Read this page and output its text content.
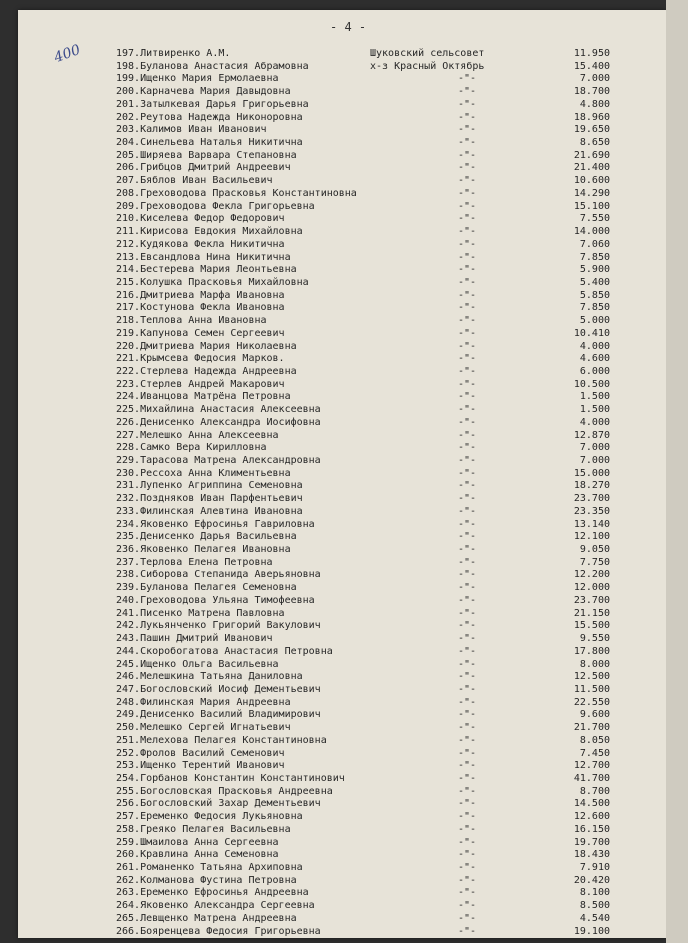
- 4 -
400	197.Литвиренко А.М.	Шуковский сельсовет	11.950
198.Буланова Анастасия Абрамовна	х-з Красный Октябрь	15.400
199.Ищенко Мария Ермолаевна	-"-	7.000
200.Карначева Мария Давыдовна	-"-	18.700
201.Затылкевая Дарья Григорьевна	-"-	4.800
202.Реутова Надежда Никоноровна	-"-	18.960
203.Калимов Иван Иванович	-"-	19.650
204.Синельева Наталья Никитична	-"-	8.650
205.Ширяева Варвара Степановна	-"-	21.690
206.Грибцов Дмитрий Андреевич	-"-	21.400
207.Бяблов Иван Васильевич	-"-	10.600
208.Греховодова Прасковья Константиновна	-"-	14.290
209.Греховодова Фекла Григорьевна	-"-	15.100
210.Киселева Федор Федорович	-"-	7.550
211.Кирисова Евдокия Михайловна	-"-	14.000
212.Кудякова Фекла Никитична	-"-	7.060
213.Евсандлова Нина Никитична	-"-	7.850
214.Бестерева Мария Леонтьевна	-"-	5.900
215.Колушка Прасковья Михайловна	-"-	5.400
216.Дмитриева Марфа Ивановна	-"-	5.850
217.Костунова Фекла Ивановна	-"-	7.850
218.Теплова Анна Ивановна	-"-	5.000
219.Капунова Семен Сергеевич	-"-	10.410
220.Дмитриева Мария Николаевна	-"-	4.000
221.Крымсева Федосия Марков.	-"-	4.600
222.Стерлева Надежда Андреевна	-"-	6.000
223.Стерлев Андрей Макарович	-"-	10.500
224.Иванцова Матрёна Петровна	-"-	1.500
225.Михайлина Анастасия Алексеевна	-"-	1.500
226.Денисенко Александра Иосифовна	-"-	4.000
227.Мелешко Анна Алексеевна	-"-	12.870
228.Самко Вера Кирилловна	-"-	7.000
229.Тарасова Матрена Александровна	-"-	7.000
230.Рессоха Анна Климентьевна	-"-	15.000
231.Лупенко Агриппина Семеновна	-"-	18.270
232.Поздняков Иван Парфентьевич	-"-	23.700
233.Филинская Алевтина Ивановна	-"-	23.350
234.Яковенко Ефросинья Гавриловна	-"-	13.140
235.Денисенко Дарья Васильевна	-"-	12.100
236.Яковенко Пелагея Ивановна	-"-	9.050
237.Терлова Елена Петровна	-"-	7.750
238.Сиборова Степанида Аверьяновна	-"-	12.200
239.Буланова Пелагея Семеновна	-"-	12.000
240.Греховодова Ульяна Тимофеевна	-"-	23.700
241.Писенко Матрена Павловна	-"-	21.150
242.Лукьянченко Григорий Вакулович	-"-	15.500
243.Пашин Дмитрий Иванович	-"-	9.550
244.Скоробогатова Анастасия Петровна	-"-	17.800
245.Ищенко Ольга Васильевна	-"-	8.000
246.Мелешкина Татьяна Даниловна	-"-	12.500
247.Богословский Иосиф Дементьевич	-"-	11.500
248.Филинская Мария Андреевна	-"-	22.550
249.Денисенко Василий Владимирович	-"-	9.600
250.Мелешко Сергей Игнатьевич	-"-	21.700
251.Мелехова Пелагея Константиновна	-"-	8.050
252.Фролов Василий Семенович	-"-	7.450
253.Ищенко Терентий Иванович	-"-	12.700
254.Горбанов Константин Константинович	-"-	41.700
255.Богословская Прасковья Андреевна	-"-	8.700
256.Богословский Захар Дементьевич	-"-	14.500
257.Еременко Федосия Лукьяновна	-"-	12.600
258.Греяко Пелагея Васильевна	-"-	16.150
259.Шмаилова Анна Сергеевна	-"-	19.700
260.Кравлина Анна Семеновна	-"-	18.430
261.Романенко Татьяна Архиповна	-"-	7.910
262.Колманова Фустина Петровна	-"-	20.420
263.Еременко Ефросинья Андреевна	-"-	8.100
264.Яковенко Александра Сергеевна	-"-	8.500
265.Левщенко Матрена Андреевна	-"-	4.540
266.Бояренцева Федосия Григорьевна	-"-	19.100
